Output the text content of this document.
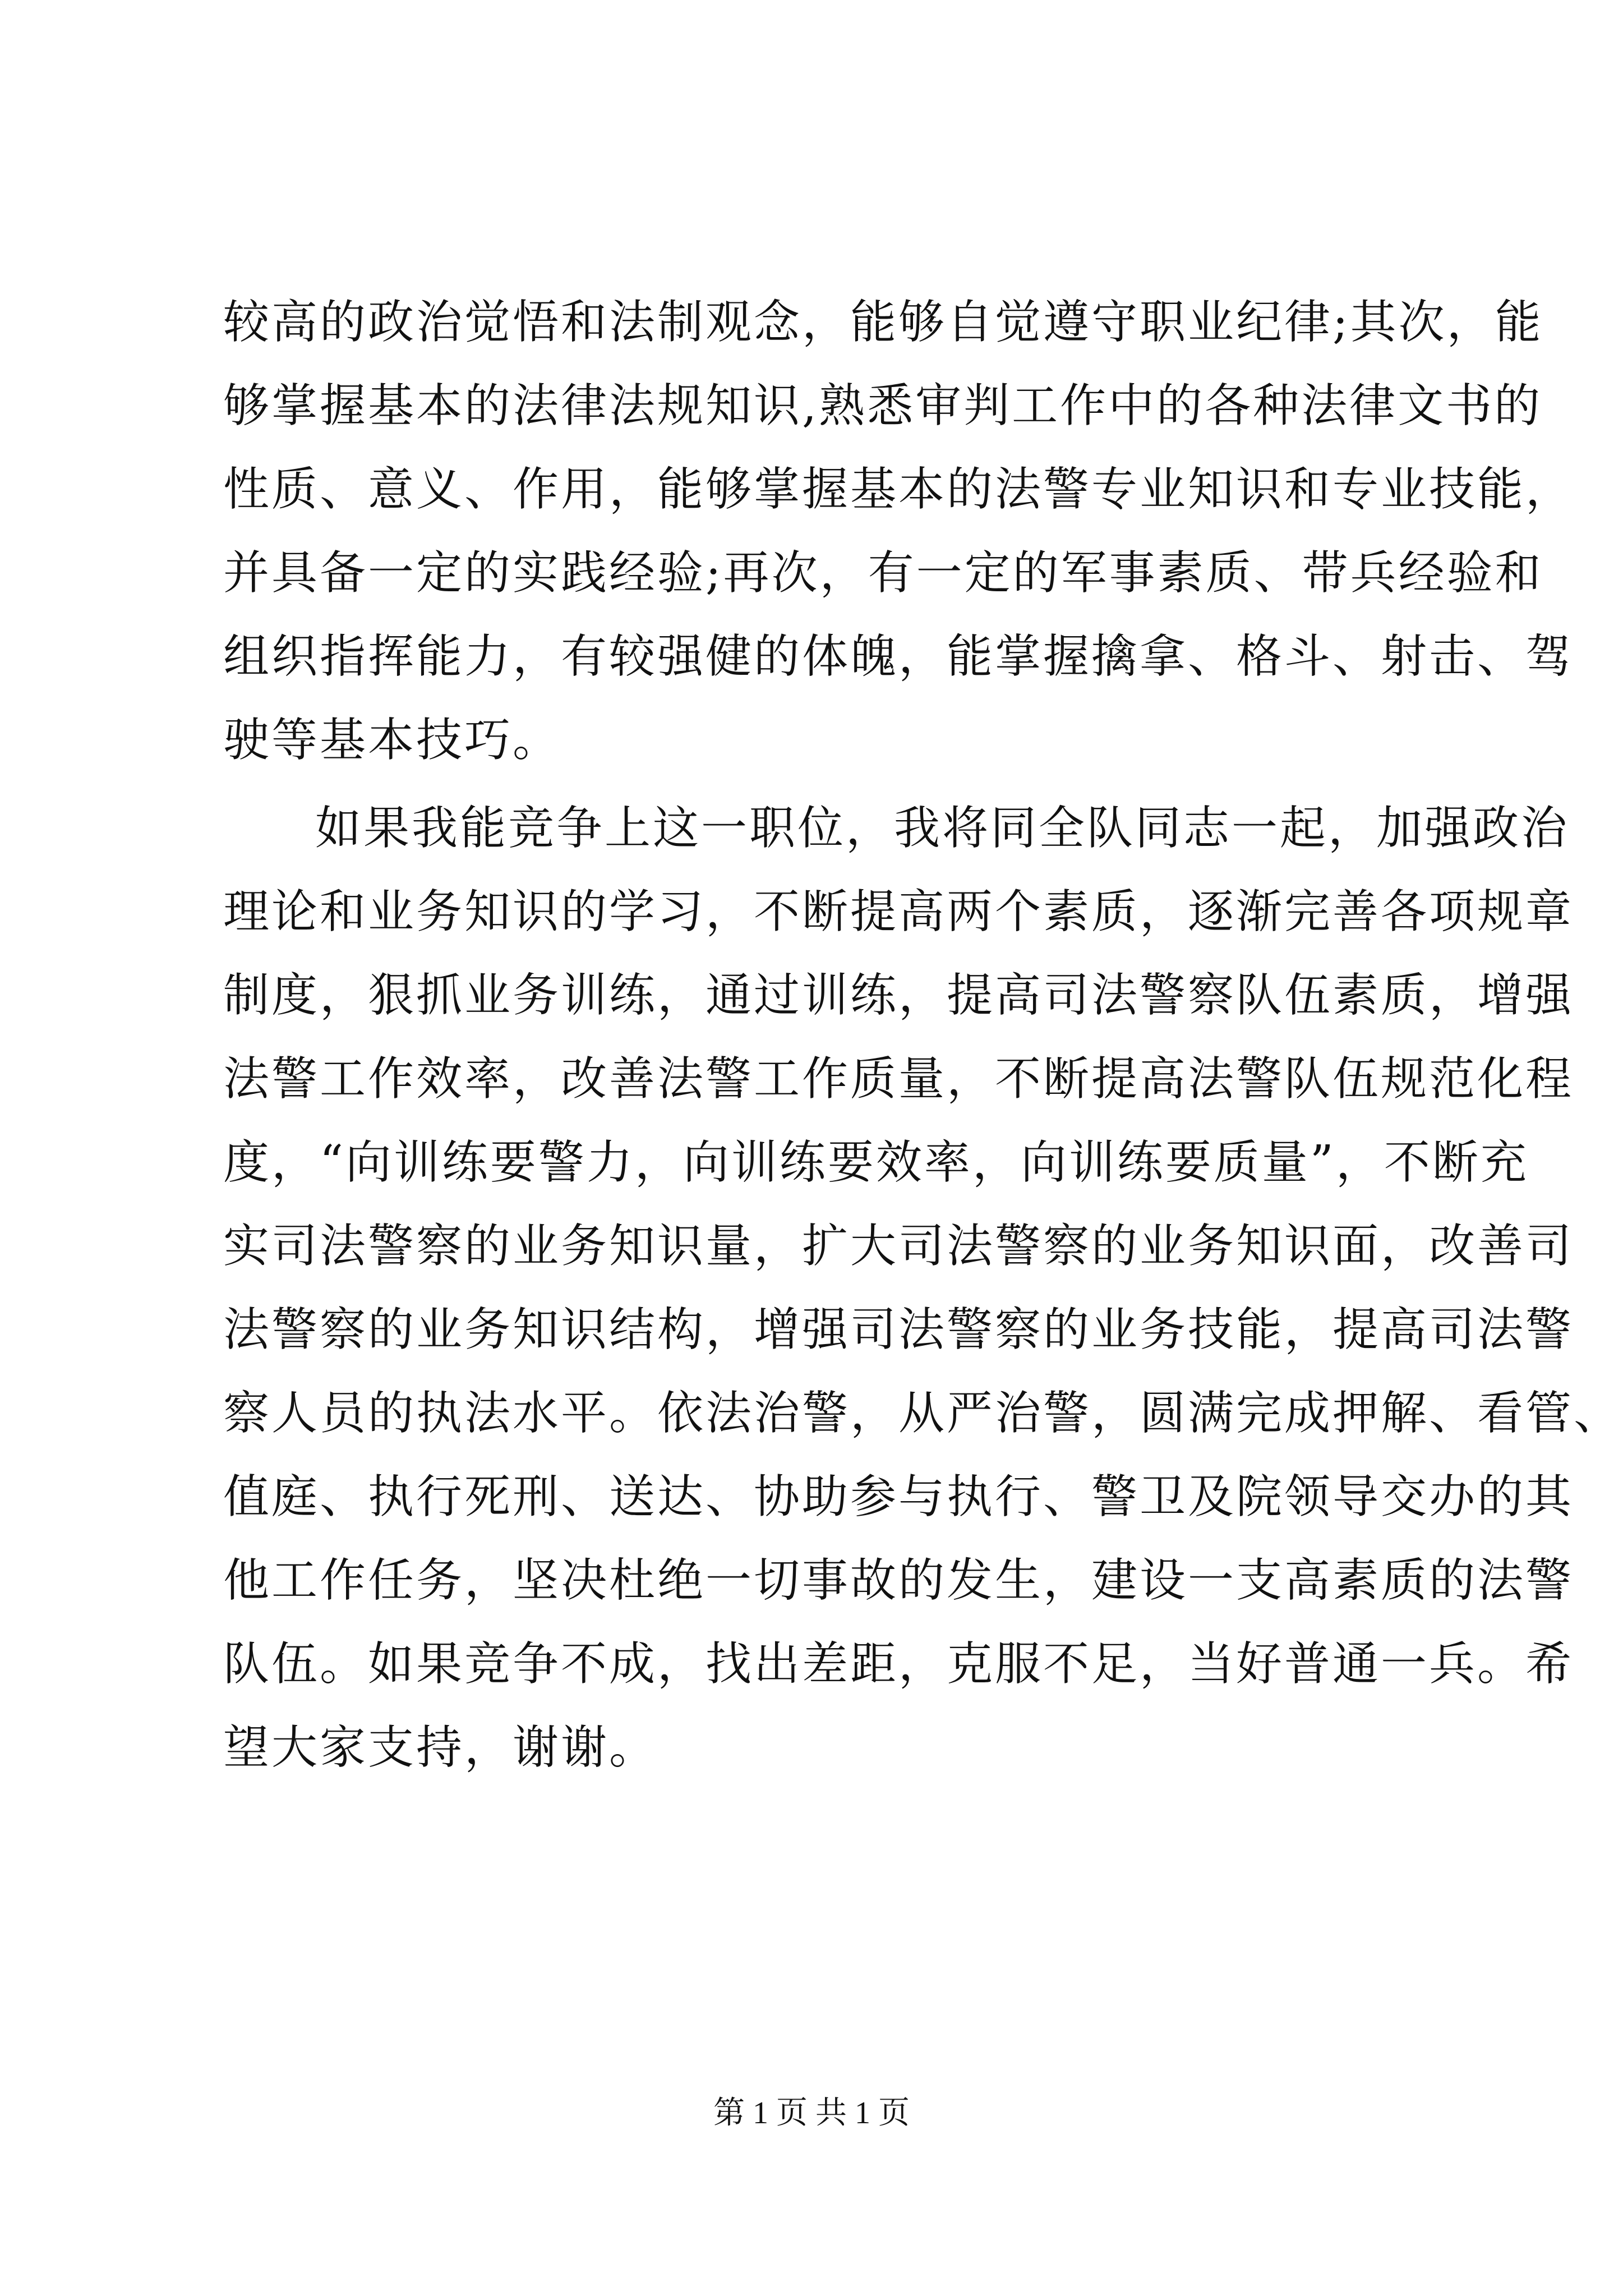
较高的政治觉悟和法制观念，能够自觉遵守职业纪律;其次，能
够掌握基本的法律法规知识,熟悉审判工作中的各种法律文书的
性质、意义、作用，能够掌握基本的法警专业知识和专业技能，
并具备一定的实践经验;再次，有一定的军事素质、带兵经验和
组织指挥能力，有较强健的体魄，能掌握擒拿、格斗、射击、驾
驶等基本技巧。
如果我能竞争上这一职位，我将同全队同志一起，加强政治
理论和业务知识的学习，不断提高两个素质，逐渐完善各项规章
制度，狠抓业务训练，通过训练，提高司法警察队伍素质，增强
法警工作效率，改善法警工作质量，不断提高法警队伍规范化程
度，“向训练要警力，向训练要效率，向训练要质量”，不断充
实司法警察的业务知识量，扩大司法警察的业务知识面，改善司
法警察的业务知识结构，增强司法警察的业务技能，提高司法警
察人员的执法水平。依法治警，从严治警，圆满完成押解、看管、
值庭、执行死刑、送达、协助参与执行、警卫及院领导交办的其
他工作任务，坚决杜绝一切事故的发生，建设一支高素质的法警
队伍。如果竞争不成，找出差距，克服不足，当好普通一兵。希
望大家支持，谢谢。
第 1 页 共 1 页
